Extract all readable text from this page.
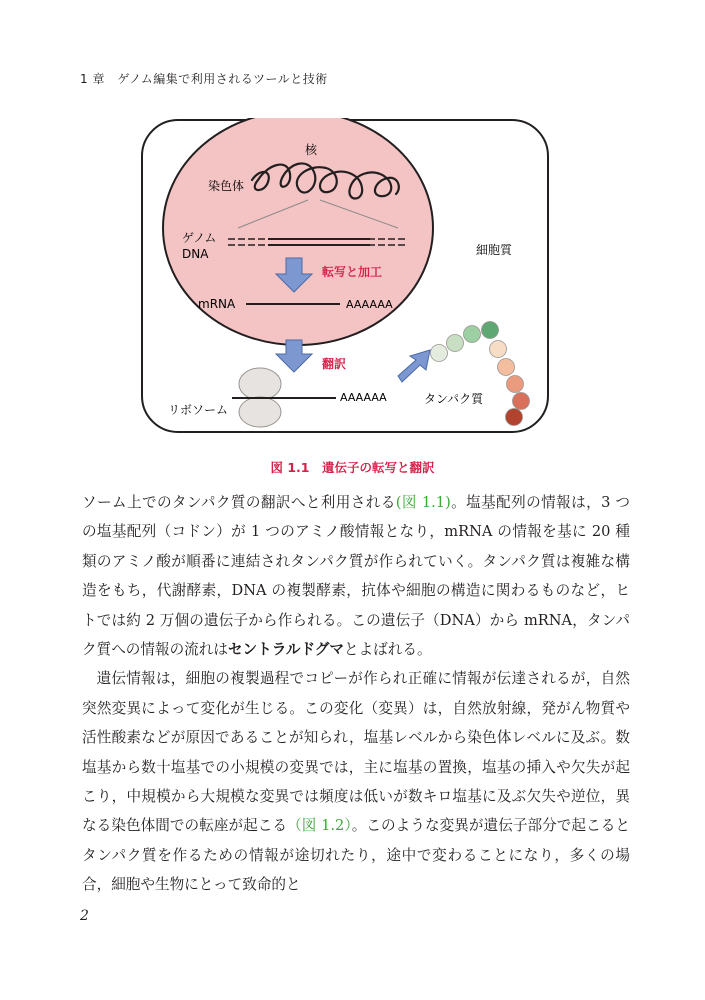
1 章　ゲノム編集で利用されるツールと技術
核
染色体
ゲノム
DNA
転写と加工
mRNA	AAAAAA
翻訳
AAAAAA
リボソーム
細胞質
タンパク質
図 1.1　遺伝子の転写と翻訳

ソーム上でのタンパク質の翻訳へと利用される(図 1.1)。塩基配列の情報は，3 つの塩基配列（コドン）が 1 つのアミノ酸情報となり，mRNA の情報を基に 20 種類のアミノ酸が順番に連結されタンパク質が作られていく。タンパク質は複雑な構造をもち，代謝酵素，DNA の複製酵素，抗体や細胞の構造に関わるものなど，ヒトでは約 2 万個の遺伝子から作られる。この遺伝子（DNA）から mRNA，タンパク質への情報の流れはセントラルドグマとよばれる。

遺伝情報は，細胞の複製過程でコピーが作られ正確に情報が伝達されるが，自然突然変異によって変化が生じる。この変化（変異）は，自然放射線，発がん物質や活性酸素などが原因であることが知られ，塩基レベルから染色体レベルに及ぶ。数塩基から数十塩基での小規模の変異では，主に塩基の置換，塩基の挿入や欠失が起こり，中規模から大規模な変異では頻度は低いが数キロ塩基に及ぶ欠失や逆位，異なる染色体間での転座が起こる（図 1.2）。このような変異が遺伝子部分で起こるとタンパク質を作るための情報が途切れたり，途中で変わることになり，多くの場合，細胞や生物にとって致命的と

2
